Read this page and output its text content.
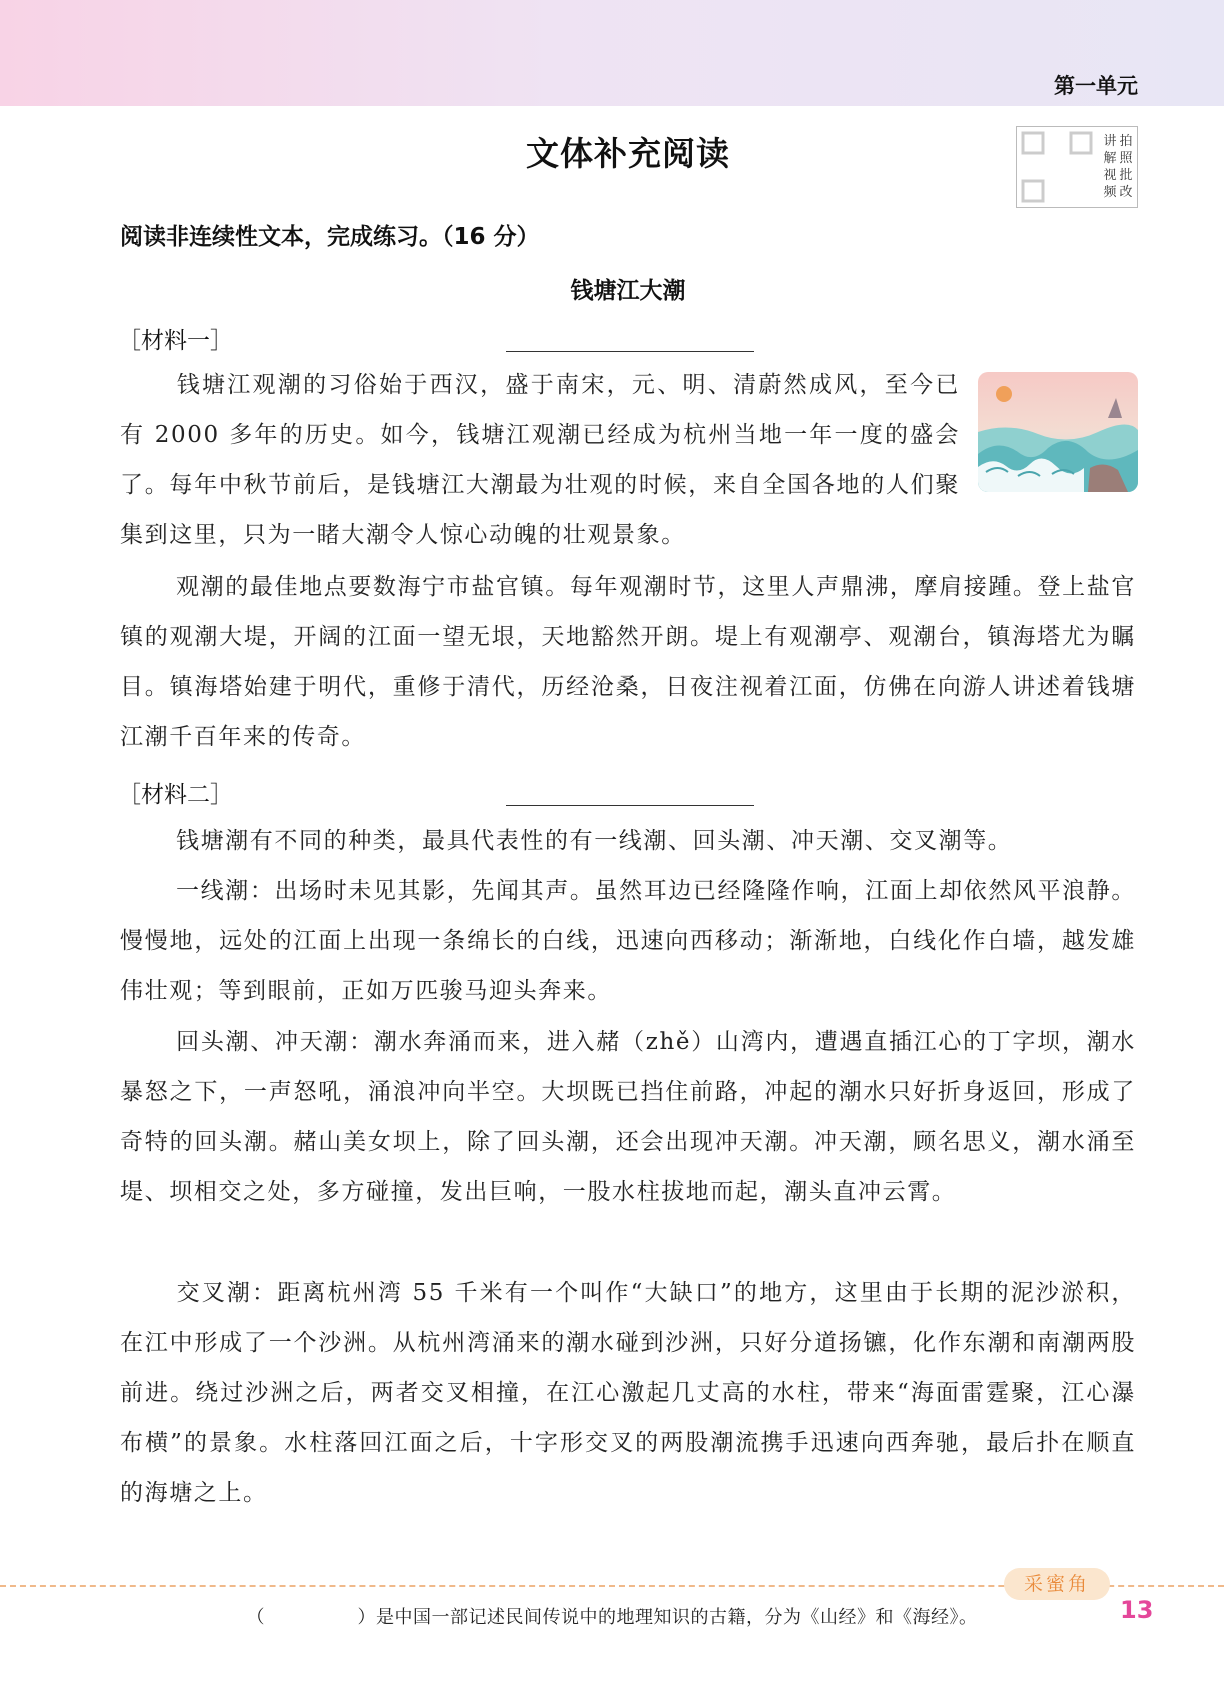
第一单元
文体补充阅读	讲
解
视
频
拍
照
批
改
阅读非连续性文本，完成练习。（16 分）
钱塘江大潮
［材料一］

钱塘江观潮的习俗始于西汉，盛于南宋，元、明、清蔚然成风，至今已有 2000 多年的历史。如今，钱塘江观潮已经成为杭州当地一年一度的盛会了。每年中秋节前后，是钱塘江大潮最为壮观的时候，来自全国各地的人们聚集到这里，只为一睹大潮令人惊心动魄的壮观景象。

观潮的最佳地点要数海宁市盐官镇。每年观潮时节，这里人声鼎沸，摩肩接踵。登上盐官镇的观潮大堤，开阔的江面一望无垠，天地豁然开朗。堤上有观潮亭、观潮台，镇海塔尤为瞩目。镇海塔始建于明代，重修于清代，历经沧桑，日夜注视着江面，仿佛在向游人讲述着钱塘江潮千百年来的传奇。

［材料二］

钱塘潮有不同的种类，最具代表性的有一线潮、回头潮、冲天潮、交叉潮等。

一线潮：出场时未见其影，先闻其声。虽然耳边已经隆隆作响，江面上却依然风平浪静。慢慢地，远处的江面上出现一条绵长的白线，迅速向西移动；渐渐地，白线化作白墙，越发雄伟壮观；等到眼前，正如万匹骏马迎头奔来。

回头潮、冲天潮：潮水奔涌而来，进入赭（zhě）山湾内，遭遇直插江心的丁字坝，潮水暴怒之下，一声怒吼，涌浪冲向半空。大坝既已挡住前路，冲起的潮水只好折身返回，形成了奇特的回头潮。赭山美女坝上，除了回头潮，还会出现冲天潮。冲天潮，顾名思义，潮水涌至堤、坝相交之处，多方碰撞，发出巨响，一股水柱拔地而起，潮头直冲云霄。

交叉潮：距离杭州湾 55 千米有一个叫作“大缺口”的地方，这里由于长期的泥沙淤积，在江中形成了一个沙洲。从杭州湾涌来的潮水碰到沙洲，只好分道扬镳，化作东潮和南潮两股前进。绕过沙洲之后，两者交叉相撞，在江心激起几丈高的水柱，带来“海面雷霆聚，江心瀑布横”的景象。水柱落回江面之后，十字形交叉的两股潮流携手迅速向西奔驰，最后扑在顺直的海塘之上。

采蜜角
（　　　　　）是中国一部记述民间传说中的地理知识的古籍，分为《山经》和《海经》。	13
